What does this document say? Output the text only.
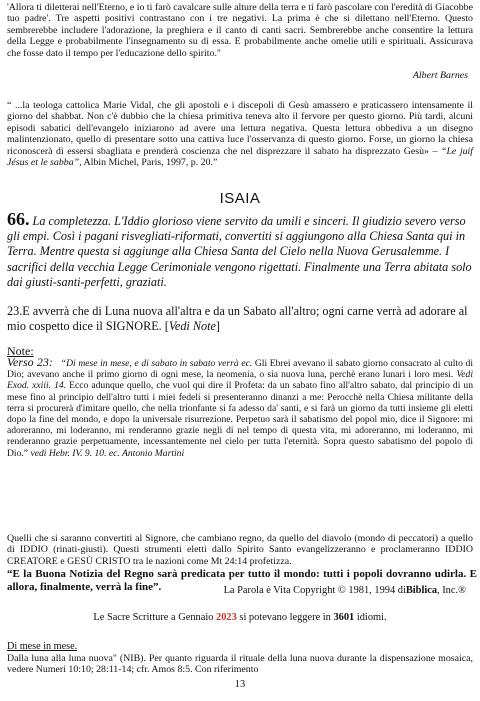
'Allora ti diletterai nell'Eterno, e io ti farò cavalcare sulle alture della terra e ti farò pascolare con l'eredità di Giacobbe tuo padre'. Tre aspetti positivi contrastano con i tre negativi. La prima è che si dilettano nell'Eterno. Questo sembrerebbe includere l'adorazione, la preghiera e il canto di canti sacri. Sembrerebbe anche consentire la lettura della Legge e probabilmente l'insegnamento su di essa. E probabilmente anche omelie utili e spirituali. Assicurava che fosse dato il tempo per l'educazione dello spirito."

Albert Barnes

“ ...la teologa cattolica Marie Vidal, che gli apostoli e i discepoli di Gesù amassero e praticassero intensamente il giorno del shabbat. Non c'è dubbio che la chiesa primitiva teneva alto il fervore per questo giorno. Più tardi, alcuni episodi sabatici dell'evangelo iniziarono ad avere una lettura negativa. Questa lettura obbediva a un disegno malintenzionato, quello di presentare sotto una cattiva luce l'osservanza di questo giorno. Forse, un giorno la chiesa riconoscerà di essersi sbagliata e prenderà coscienza che nel disprezzare il sabato ha disprezzato Gesù» – “Le juif Jésus et le sabba”, Albin Michel, Paris, 1997, p. 20.”

ISAIA

66. La completezza. L'Iddio glorioso viene servito da umili e sinceri. Il giudizio severo verso gli empi. Così i pagani risvegliati-riformati, convertiti si aggiungono alla Chiesa Santa qui in Terra. Mentre questa si aggiunge alla Chiesa Santa del Cielo nella Nuova Gerusalemme. I sacrifici della vecchia Legge Cerimoniale vengono rigettati. Finalmente una Terra abitata solo dai giusti-santi-perfetti, graziati.

23.E avverrà che di Luna nuova all'altra e da un Sabato all'altro; ogni carne verrà ad adorare al mio cospetto dice il SIGNORE. [Vedi Note]

Note:

Verso 23: “Di mese in mese, e di sabato in sabato verrà ec. Gli Ebrei avevano il sabato giorno consacrato al culto di Dio; avevano anche il primo giorno di ogni mese, la neomenia, o sia nuova luna, perchè erano lunari i loro mesi. Vedi Exod. xxiii. 14. Ecco adunque quello, che vuol qui dire il Profeta: da un sabato fino all'altro sabato, dal principio di un mese fino al principio dell'altro tutti i miei fedeli si presenteranno dinanzi a me: Perocchè nella Chiesa militante della terra si procurerà d'imitare quello, che nella trionfante si fa adesso da' santi, e si farà un giorno da tutti insieme gli eletti dopo la fine del mondo, e dopo la universale risurrezione. Perpetuo sarà il sabatismo del popol mio, dice il Signore: mi adoreranno, mi loderanno, mi renderanno grazie negli di nel tempo di questa vita, mi adoreranno, mi loderanno, mi renderanno grazie perpetuamente, incessantemente nel cielo per tutta l'eternità. Sopra questo sabatismo del popolo di Dio.” vedi Hebr. IV. 9. 10. ec. Antonio Martini

Quelli che si saranno convertiti al Signore, che cambiano regno, da quello del diavolo (mondo di peccatori) a quello di IDDIO (rinati-giusti). Questi strumenti eletti dallo Spirito Santo evangelizzeranno e proclameranno IDDIO CREATORE e GESÙ CRISTO tra le nazioni come Mt 24:14 profetizza.

“E la Buona Notizia del Regno sarà predicata per tutto il mondo: tutti i popoli dovranno udirla. E allora, finalmente, verrà la fine”.	La Parola è Vita Copyright © 1981, 1994 diBiblica, Inc.®

Le Sacre Scritture a Gennaio 2023 si potevano leggere in 3601 idiomi.

Di mese in mese.

Dalla luna alla luna nuova" (NIB). Per quanto riguarda il rituale della luna nuova durante la dispensazione mosaica, vedere Numeri 10:10; 28:11-14; cfr. Amos 8:5. Con riferimento

13
